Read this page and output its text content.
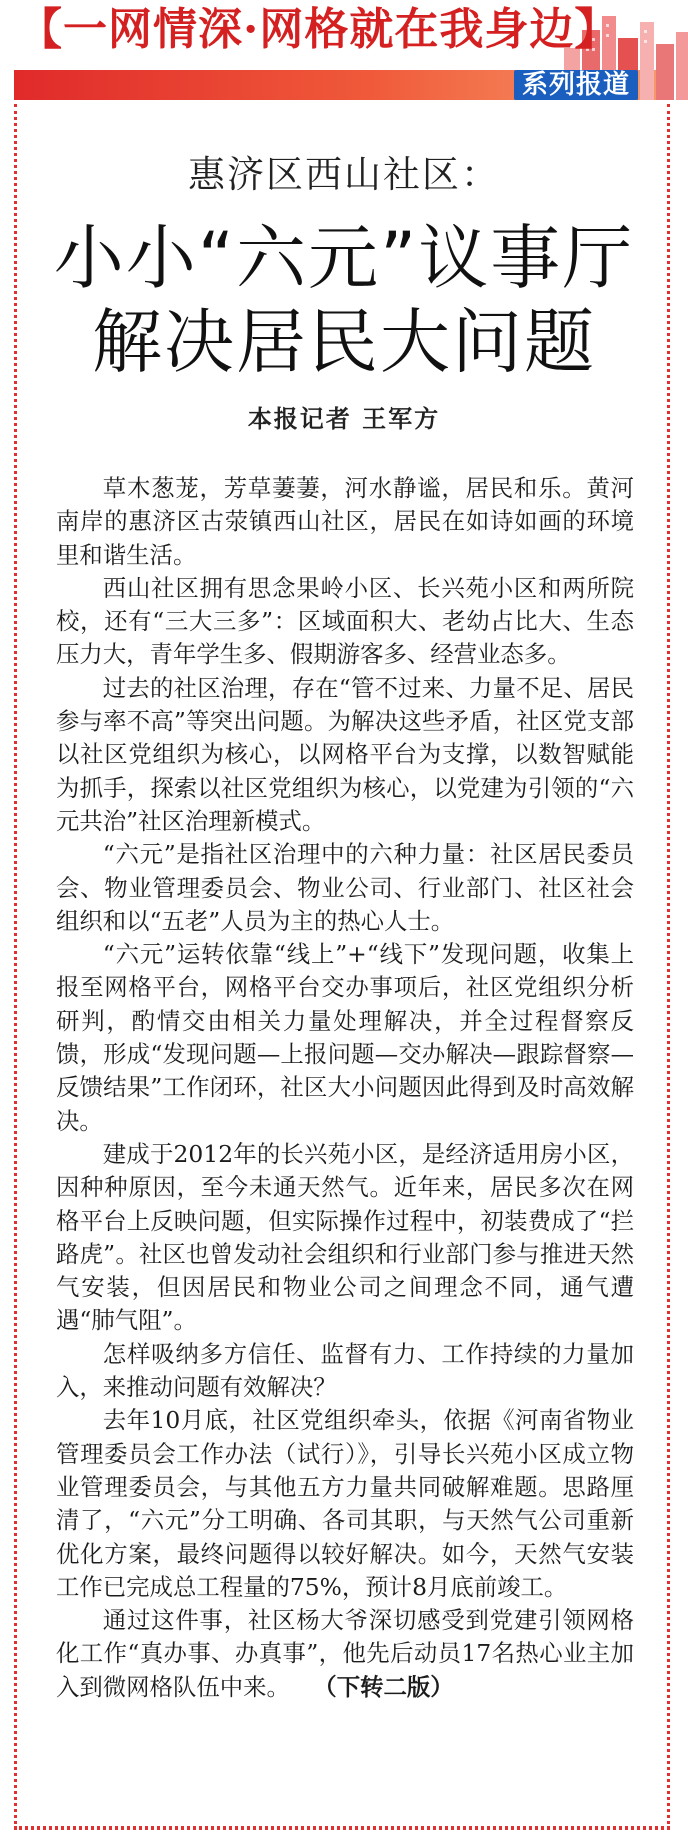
【一网情深·网格就在我身边】
系列报道
惠济区西山社区：
小小“六元”议事厅
解决居民大问题
本报记者 王军方

草木葱茏，芳草萋萋，河水静谧，居民和乐。黄河南岸的惠济区古荥镇西山社区，居民在如诗如画的环境里和谐生活。

西山社区拥有思念果岭小区、长兴苑小区和两所院校，还有“三大三多”：区域面积大、老幼占比大、生态压力大，青年学生多、假期游客多、经营业态多。

过去的社区治理，存在“管不过来、力量不足、居民参与率不高”等突出问题。为解决这些矛盾，社区党支部以社区党组织为核心，以网格平台为支撑，以数智赋能为抓手，探索以社区党组织为核心，以党建为引领的“六元共治”社区治理新模式。

“六元”是指社区治理中的六种力量：社区居民委员会、物业管理委员会、物业公司、行业部门、社区社会组织和以“五老”人员为主的热心人士。

“六元”运转依靠“线上”+“线下”发现问题，收集上报至网格平台，网格平台交办事项后，社区党组织分析研判，酌情交由相关力量处理解决，并全过程督察反馈，形成“发现问题—上报问题—交办解决—跟踪督察—反馈结果”工作闭环，社区大小问题因此得到及时高效解决。

建成于2012年的长兴苑小区，是经济适用房小区，因种种原因，至今未通天然气。近年来，居民多次在网格平台上反映问题，但实际操作过程中，初装费成了“拦路虎”。社区也曾发动社会组织和行业部门参与推进天然气安装，但因居民和物业公司之间理念不同，通气遭遇“肺气阻”。

怎样吸纳多方信任、监督有力、工作持续的力量加入，来推动问题有效解决？

去年10月底，社区党组织牵头，依据《河南省物业管理委员会工作办法（试行）》，引导长兴苑小区成立物业管理委员会，与其他五方力量共同破解难题。思路厘清了，“六元”分工明确、各司其职，与天然气公司重新优化方案，最终问题得以较好解决。如今，天然气安装工作已完成总工程量的75%，预计8月底前竣工。

通过这件事，社区杨大爷深切感受到党建引领网格化工作“真办事、办真事”，他先后动员17名热心业主加入到微网格队伍中来。 （下转二版）
